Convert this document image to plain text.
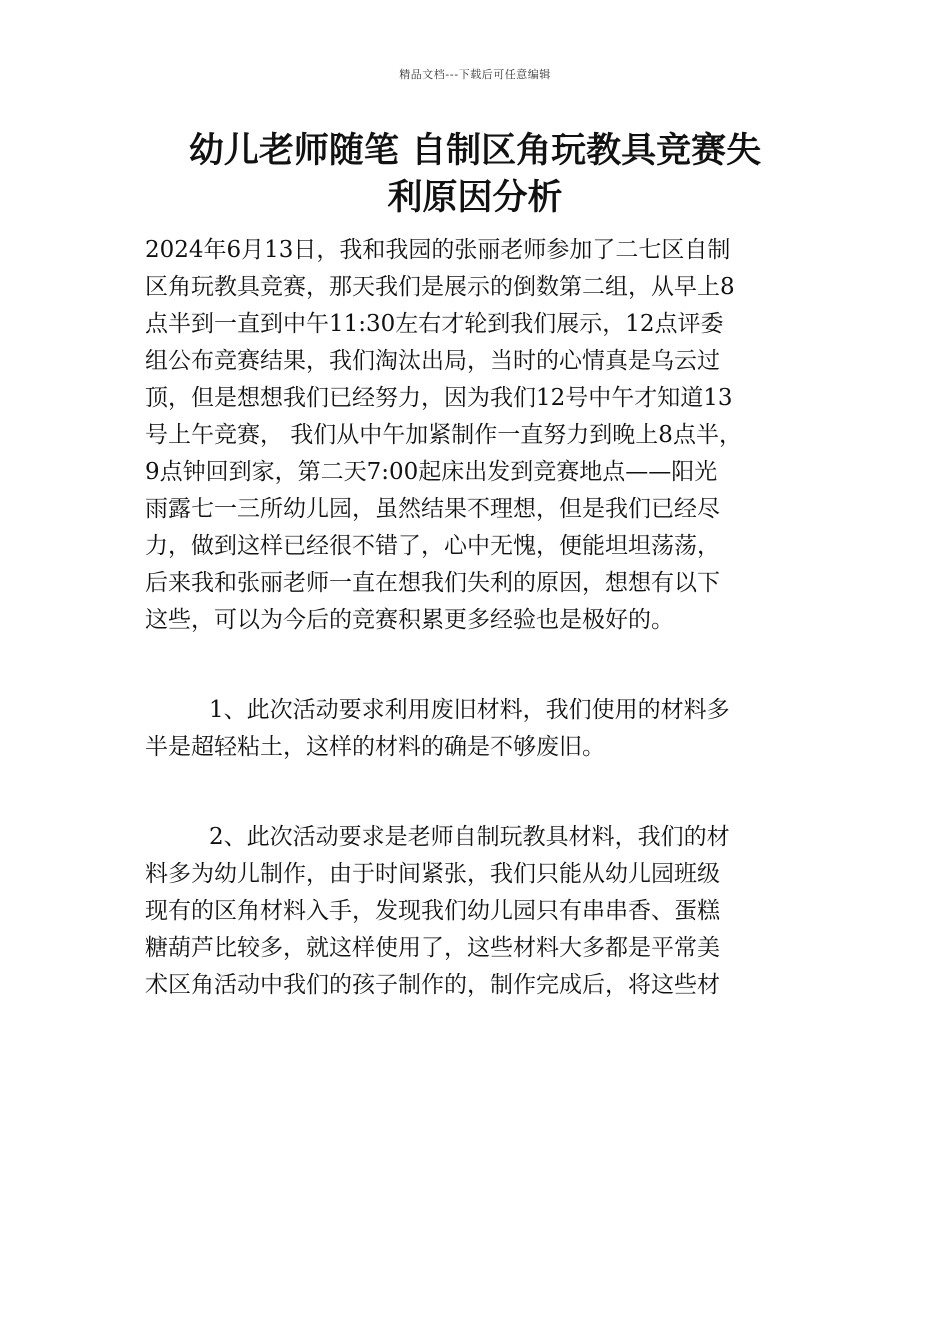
精品文档---下载后可任意编辑
幼儿老师随笔 自制区角玩教具竞赛失
利原因分析

2024年6月13日，我和我园的张丽老师参加了二七区自制
区角玩教具竞赛，那天我们是展示的倒数第二组，从早上8
点半到一直到中午11:30左右才轮到我们展示，12点评委
组公布竞赛结果，我们淘汰出局，当时的心情真是乌云过
顶，但是想想我们已经努力，因为我们12号中午才知道13
号上午竞赛， 我们从中午加紧制作一直努力到晚上8点半，
9点钟回到家，第二天7:00起床出发到竞赛地点——阳光
雨露七一三所幼儿园，虽然结果不理想，但是我们已经尽
力，做到这样已经很不错了，心中无愧，便能坦坦荡荡，
后来我和张丽老师一直在想我们失利的原因，想想有以下
这些，可以为今后的竞赛积累更多经验也是极好的。

1、此次活动要求利用废旧材料，我们使用的材料多
半是超轻粘土，这样的材料的确是不够废旧。

2、此次活动要求是老师自制玩教具材料，我们的材
料多为幼儿制作，由于时间紧张，我们只能从幼儿园班级
现有的区角材料入手，发现我们幼儿园只有串串香、蛋糕
糖葫芦比较多，就这样使用了，这些材料大多都是平常美
术区角活动中我们的孩子制作的，制作完成后，将这些材
